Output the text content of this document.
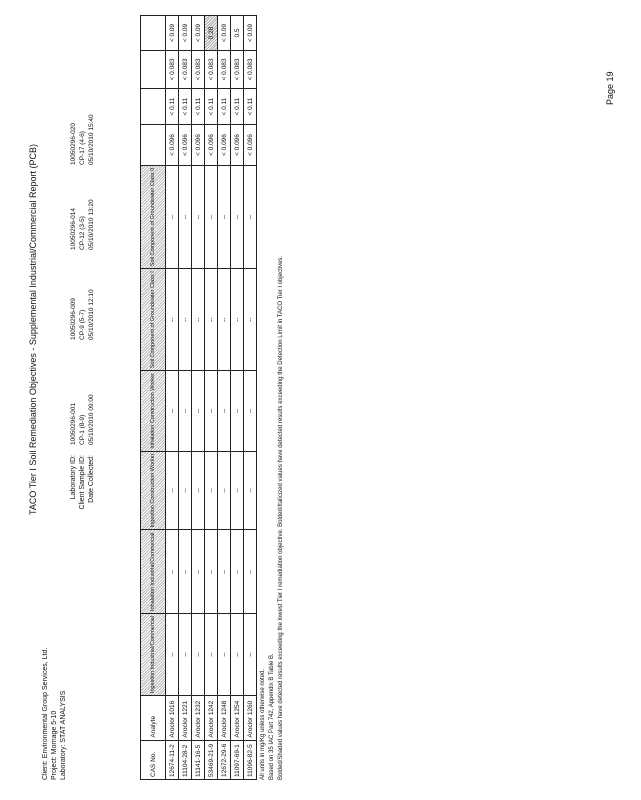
TACO Tier I Soil Remediation Objectives - Supplemental Industrial/Commercial Report (PCB)
Client: Environmental Group Services, Ltd.
Project: Mornage 5-10
Laboratory: STAT ANALYSIS
Laboratory ID: Client Sample ID: Date Collected:
10050296-001 CP-1 (8-9) 05/10/2010 09:00
10050296-009 CP-9 (5-7) 05/10/2010 12:10
10050296-014 CP-12 (3-5) 05/10/2010 13:20
10050296-020 CP-17 (4-6) 05/10/2010 15:40
CAS No.	Analyte	Ingestion Industrial/Commercial	Inhalation Industrial/Commercial	Ingestion Construction Worker	Inhalation Construction Worker	Soil Component of Groundwater Class I	Soil Component of Groundwater Class II				
12674-11-2	Aroclor 1016	--	--	--	--	--	--	< 0.096	< 0.11	< 0.083	< 0.09
11104-28-2	Aroclor 1221	--	--	--	--	--	--	< 0.096	< 0.11	< 0.083	< 0.09
11141-16-5	Aroclor 1232	--	--	--	--	--	--	< 0.096	< 0.11	< 0.083	< 0.09
53469-21-9	Aroclor 1242	--	--	--	--	--	--	< 0.096	< 0.11	< 0.083	0.28
12672-29-6	Aroclor 1248	--	--	--	--	--	--	< 0.096	< 0.11	< 0.083	< 0.09
11097-69-1	Aroclor 1254	--	--	--	--	--	--	< 0.096	< 0.11	< 0.083	0.5
11096-82-5	Aroclor 1260	--	--	--	--	--	--	< 0.096	< 0.11	< 0.083	< 0.09
All units in mg/Kg unless otherwise noted. Based on 35 IAC Part 742, Appendix B Table B. Bolded/Shaded values have detected results exceeding the lowest Tier I remediation objective. Bolded/Italicized values have detected results exceeding the Detection Limit in TACO Tier I objectives.
Page 19
